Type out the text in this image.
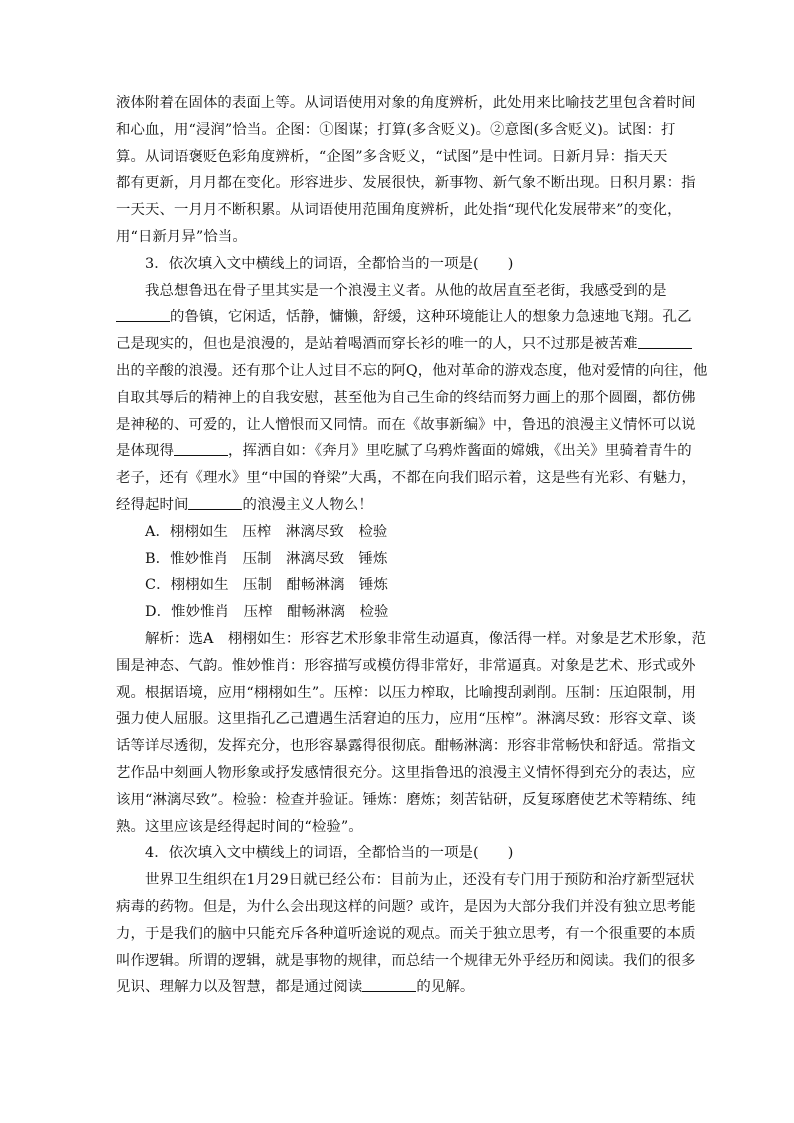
液体附着在固体的表面上等。从词语使用对象的角度辨析，此处用来比喻技艺里包含着时间
和心血，用“浸润”恰当。企图：①图谋；打算(多含贬义)。②意图(多含贬义)。试图：打
算。从词语褒贬色彩角度辨析，“企图”多含贬义，“试图”是中性词。日新月异：指天天
都有更新，月月都在变化。形容进步、发展很快，新事物、新气象不断出现。日积月累：指
一天天、一月月不断积累。从词语使用范围角度辨析，此处指“现代化发展带来”的变化，
用“日新月异”恰当。
3．依次填入文中横线上的词语，全都恰当的一项是(　　)
我总想鲁迅在骨子里其实是一个浪漫主义者。从他的故居直至老街，我感受到的是
的鲁镇，它闲适，恬静，慵懒，舒缓，这种环境能让人的想象力急速地飞翔。孔乙
己是现实的，但也是浪漫的，是站着喝酒而穿长衫的唯一的人，只不过那是被苦难
出的辛酸的浪漫。还有那个让人过目不忘的阿Q，他对革命的游戏态度，他对爱情的向往，他
自取其辱后的精神上的自我安慰，甚至他为自己生命的终结而努力画上的那个圆圈，都仿佛
是神秘的、可爱的，让人憎恨而又同情。而在《故事新编》中，鲁迅的浪漫主义情怀可以说
是体现得	，挥洒自如：《奔月》里吃腻了乌鸦炸酱面的嫦娥，《出关》里骑着青牛的
老子，还有《理水》里“中国的脊梁”大禹，不都在向我们昭示着，这是些有光彩、有魅力，
经得起时间	的浪漫主义人物么！
A．栩栩如生　压榨　淋漓尽致　检验
B．惟妙惟肖　压制　淋漓尽致　锤炼
C．栩栩如生　压制　酣畅淋漓　锤炼
D．惟妙惟肖　压榨　酣畅淋漓　检验
解析：选A　栩栩如生：形容艺术形象非常生动逼真，像活得一样。对象是艺术形象，范
围是神态、气韵。惟妙惟肖：形容描写或模仿得非常好，非常逼真。对象是艺术、形式或外
观。根据语境，应用“栩栩如生”。压榨：以压力榨取，比喻搜刮剥削。压制：压迫限制，用
强力使人屈服。这里指孔乙己遭遇生活窘迫的压力，应用“压榨”。淋漓尽致：形容文章、谈
话等详尽透彻，发挥充分，也形容暴露得很彻底。酣畅淋漓：形容非常畅快和舒适。常指文
艺作品中刻画人物形象或抒发感情很充分。这里指鲁迅的浪漫主义情怀得到充分的表达，应
该用“淋漓尽致”。检验：检查并验证。锤炼：磨炼；刻苦钻研，反复琢磨使艺术等精练、纯
熟。这里应该是经得起时间的“检验”。
4．依次填入文中横线上的词语，全都恰当的一项是(　　)
世界卫生组织在1月29日就已经公布：目前为止，还没有专门用于预防和治疗新型冠状
病毒的药物。但是，为什么会出现这样的问题？或许，是因为大部分我们并没有独立思考能
力，于是我们的脑中只能充斥各种道听途说的观点。而关于独立思考，有一个很重要的本质
叫作逻辑。所谓的逻辑，就是事物的规律，而总结一个规律无外乎经历和阅读。我们的很多
见识、理解力以及智慧，都是通过阅读	的见解。
